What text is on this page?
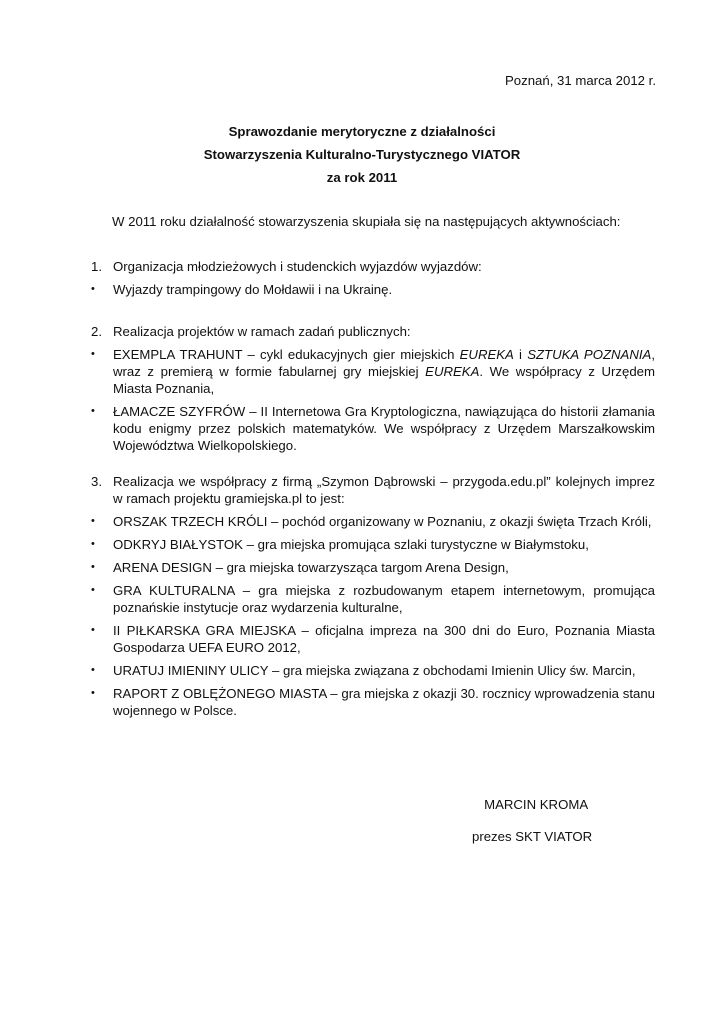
Poznań, 31 marca 2012 r.
Sprawozdanie merytoryczne z działalności
Stowarzyszenia Kulturalno-Turystycznego VIATOR
za rok 2011
W 2011 roku działalność stowarzyszenia skupiała się na następujących aktywnościach:
1. Organizacja młodzieżowych i studenckich wyjazdów wyjazdów:
• Wyjazdy trampingowy do Mołdawii i na Ukrainę.
2. Realizacja projektów w ramach zadań publicznych:
• EXEMPLA TRAHUNT – cykl edukacyjnych gier miejskich EUREKA i SZTUKA POZNANIA, wraz z premierą w formie fabularnej gry miejskiej EUREKA. We współpracy z Urzędem Miasta Poznania,
• ŁAMACZE SZYFRÓW – II Internetowa Gra Kryptologiczna, nawiązująca do historii złamania kodu enigmy przez polskich matematyków. We współpracy z Urzędem Marszałkowskim Województwa Wielkopolskiego.
3. Realizacja we współpracy z firmą „Szymon Dąbrowski – przygoda.edu.pl” kolejnych imprez w ramach projektu gramiejska.pl to jest:
• ORSZAK TRZECH KRÓLI – pochód organizowany w Poznaniu, z okazji święta Trzach Króli,
• ODKRYJ BIAŁYSTOK – gra miejska promująca szlaki turystyczne w Białymstoku,
• ARENA DESIGN – gra miejska towarzysząca targom Arena Design,
• GRA KULTURALNA – gra miejska z rozbudowanym etapem internetowym, promująca poznańskie instytucje oraz wydarzenia kulturalne,
• II PIŁKARSKA GRA MIEJSKA – oficjalna impreza na 300 dni do Euro, Poznania Miasta Gospodarza UEFA EURO 2012,
• URATUJ IMIENINY ULICY – gra miejska związana z obchodami Imienin Ulicy św. Marcin,
• RAPORT Z OBLĘŻONEGO MIASTA – gra miejska z okazji 30. rocznicy wprowadzenia stanu wojennego w Polsce.
MARCIN KROMA
prezes SKT VIATOR
